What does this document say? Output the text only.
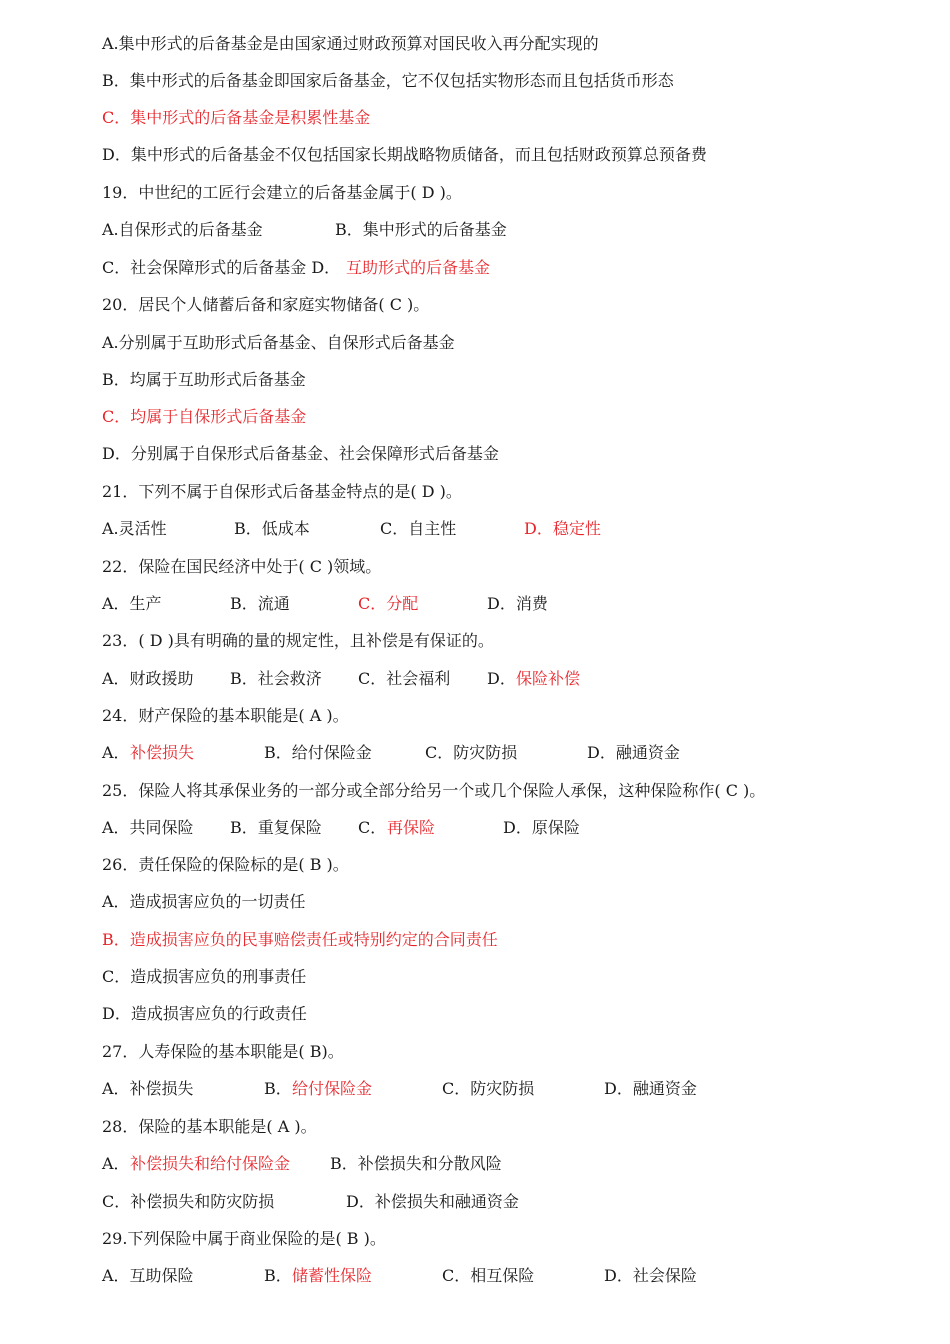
A.集中形式的后备基金是由国家通过财政预算对国民收入再分配实现的
B．集中形式的后备基金即国家后备基金，它不仅包括实物形态而且包括货币形态
C．集中形式的后备基金是积累性基金
D．集中形式的后备基金不仅包括国家长期战略物质储备，而且包括财政预算总预备费
19．中世纪的工匠行会建立的后备基金属于( D )。
A.自保形式的后备基金	B．集中形式的后备基金
C．社会保障形式的后备基金 D． 互助形式的后备基金
20．居民个人储蓄后备和家庭实物储备( C )。
A.分别属于互助形式后备基金、自保形式后备基金
B．均属于互助形式后备基金
C．均属于自保形式后备基金
D．分别属于自保形式后备基金、社会保障形式后备基金
21．下列不属于自保形式后备基金特点的是( D )。
A.灵活性	B．低成本	C．自主性	D．稳定性
22．保险在国民经济中处于( C )领域。
A．生产	B．流通	C．分配	D．消费
23．( D )具有明确的量的规定性，且补偿是有保证的。
A．财政援助 B．社会救济 C．社会福利 D． 保险补偿
24．财产保险的基本职能是( A )。
A． 补偿损失	B．给付保险金	C．防灾防损	D．融通资金
25．保险人将其承保业务的一部分或全部分给另一个或几个保险人承保，这种保险称作( C )。
A．共同保险 B．重复保险 C． 再保险	D．原保险
26．责任保险的保险标的是( B )。
A．造成损害应负的一切责任
B．造成损害应负的民事赔偿责任或特别约定的合同责任
C．造成损害应负的刑事责任
D．造成损害应负的行政责任
27．人寿保险的基本职能是( B)。
A．补偿损失	B． 给付保险金	C．防灾防损	D．融通资金
28．保险的基本职能是( A )。
A． 补偿损失和给付保险金 B．补偿损失和分散风险
C．补偿损失和防灾防损	D．补偿损失和融通资金
29.下列保险中属于商业保险的是( B )。
A．互助保险	B． 储蓄性保险	C．相互保险	D．社会保险
